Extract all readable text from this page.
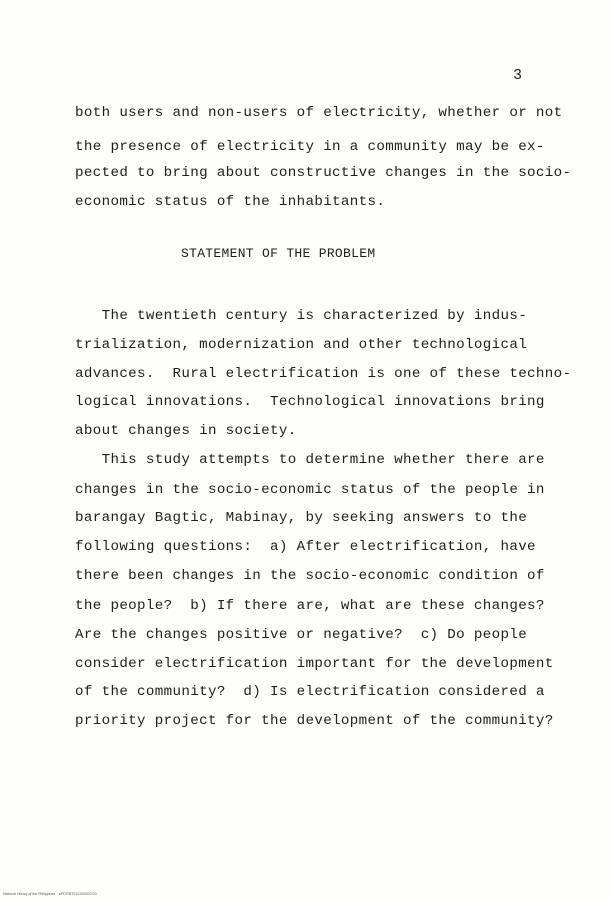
3
both users and non-users of electricity, whether or not
the presence of electricity in a community may be ex-
pected to bring about constructive changes in the socio-
economic status of the inhabitants.
STATEMENT OF THE PROBLEM
The twentieth century is characterized by indus-
trialization, modernization and other technological
advances.  Rural electrification is one of these techno-
logical innovations.  Technological innovations bring
about changes in society.
This study attempts to determine whether there are
changes in the socio-economic status of the people in
barangay Bagtic, Mabinay, by seeking answers to the
following questions:  a) After electrification, have
there been changes in the socio-economic condition of
the people?  b) If there are, what are these changes?
Are the changes positive or negative?  c) Do people
consider electrification important for the development
of the community?  d) Is electrification considered a
priority project for the development of the community?
National Library of the Philippines    ePDF/BT0113/00007/03
